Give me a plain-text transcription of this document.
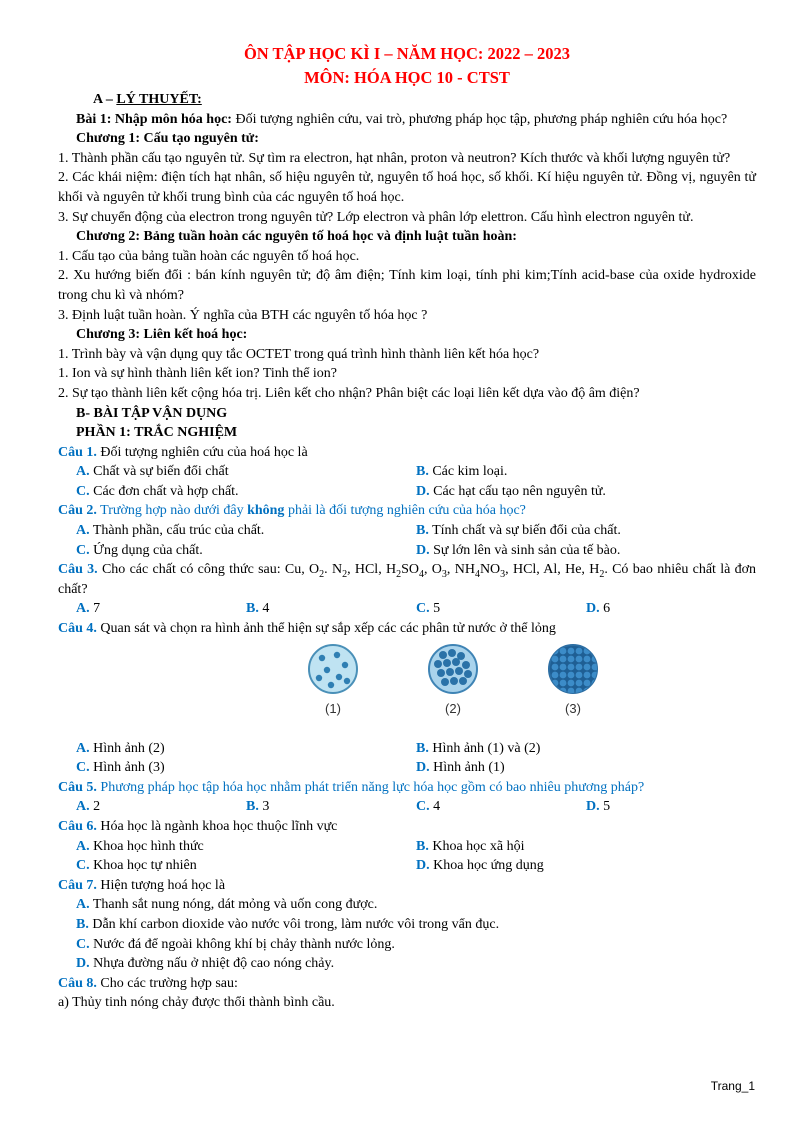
ÔN TẬP HỌC KÌ I – NĂM HỌC: 2022 – 2023
MÔN: HÓA HỌC 10 - CTST
A – LÝ THUYẾT:
Bài 1: Nhập môn hóa học: Đối tượng nghiên cứu, vai trò, phương pháp học tập, phương pháp nghiên cứu hóa học?
Chương 1: Cấu tạo nguyên tử:
1. Thành phần cấu tạo nguyên tử. Sự tìm ra electron, hạt nhân, proton và neutron? Kích thước và khối lượng nguyên tử?
2. Các khái niệm: điện tích hạt nhân, số hiệu nguyên tử, nguyên tố hoá học, số khối. Kí hiệu nguyên tử. Đồng vị, nguyên tử khối và nguyên tử khối trung bình của các nguyên tố hoá học.
3. Sự chuyển động của electron trong nguyên tử? Lớp electron và phân lớp elettron. Cấu hình electron nguyên tử.
Chương 2: Bảng tuần hoàn các nguyên tố hoá học và định luật tuần hoàn:
1. Cấu tạo của bảng tuần hoàn các nguyên tố hoá học.
2. Xu hướng biến đổi : bán kính nguyên tử; độ âm điện; Tính kim loại, tính phi kim;Tính acid-base của oxide hydroxide trong chu kì và nhóm?
3. Định luật tuần hoàn. Ý nghĩa của BTH các nguyên tố hóa học ?
Chương 3: Liên kết hoá học:
1. Trình bày và vận dụng quy tắc OCTET trong quá trình hình thành liên kết hóa học?
1. Ion và sự hình thành liên kết ion? Tinh thể ion?
2. Sự tạo thành liên kết cộng hóa trị. Liên kết cho nhận? Phân biệt các loại liên kết dựa vào độ âm điện?
B- BÀI TẬP VẬN DỤNG
PHẦN 1: TRẮC NGHIỆM
Câu 1. Đối tượng nghiên cứu của hoá học là
A. Chất và sự biến đổi chất	B. Các kim loại.
C. Các đơn chất và hợp chất.	D. Các hạt cấu tạo nên nguyên tử.
Câu 2. Trường hợp nào dưới đây không phải là đối tượng nghiên cứu của hóa học?
A. Thành phần, cấu trúc của chất.	B. Tính chất và sự biến đổi của chất.
C. Ứng dụng của chất.	D. Sự lớn lên và sinh sản của tế bào.
Câu 3. Cho các chất có công thức sau: Cu, $O_2$. $N_2$, HCl, $H_2SO_4$, $O_3$, $NH_4NO_3$, HCl, Al, He, $H_2$. Có bao nhiêu chất là đơn chất?
A. 7	B. 4	C. 5	D. 6
Câu 4. Quan sát và chọn ra hình ảnh thể hiện sự sắp xếp các các phân tử nước ở thể lỏng
(1)	(2)	(3)
A. Hình ảnh (2)	B. Hình ảnh (1) và (2)
C. Hình ảnh (3)	D. Hình ảnh (1)
Câu 5. Phương pháp học tập hóa học nhằm phát triển năng lực hóa học gồm có bao nhiêu phương pháp?
A. 2	B. 3	C. 4	D. 5
Câu 6. Hóa học là ngành khoa học thuộc lĩnh vực
A. Khoa học hình thức	B. Khoa học xã hội
C. Khoa học tự nhiên	D. Khoa học ứng dụng
Câu 7. Hiện tượng hoá học là
A. Thanh sắt nung nóng, dát mỏng và uốn cong được.
B. Dẫn khí carbon dioxide vào nước vôi trong, làm nước vôi trong vẩn đục.
C. Nước đá để ngoài không khí bị chảy thành nước lỏng.
D. Nhựa đường nấu ở nhiệt độ cao nóng chảy.
Câu 8. Cho các trường hợp sau:
a) Thủy tinh nóng chảy được thổi thành bình cầu.
Trang_1
